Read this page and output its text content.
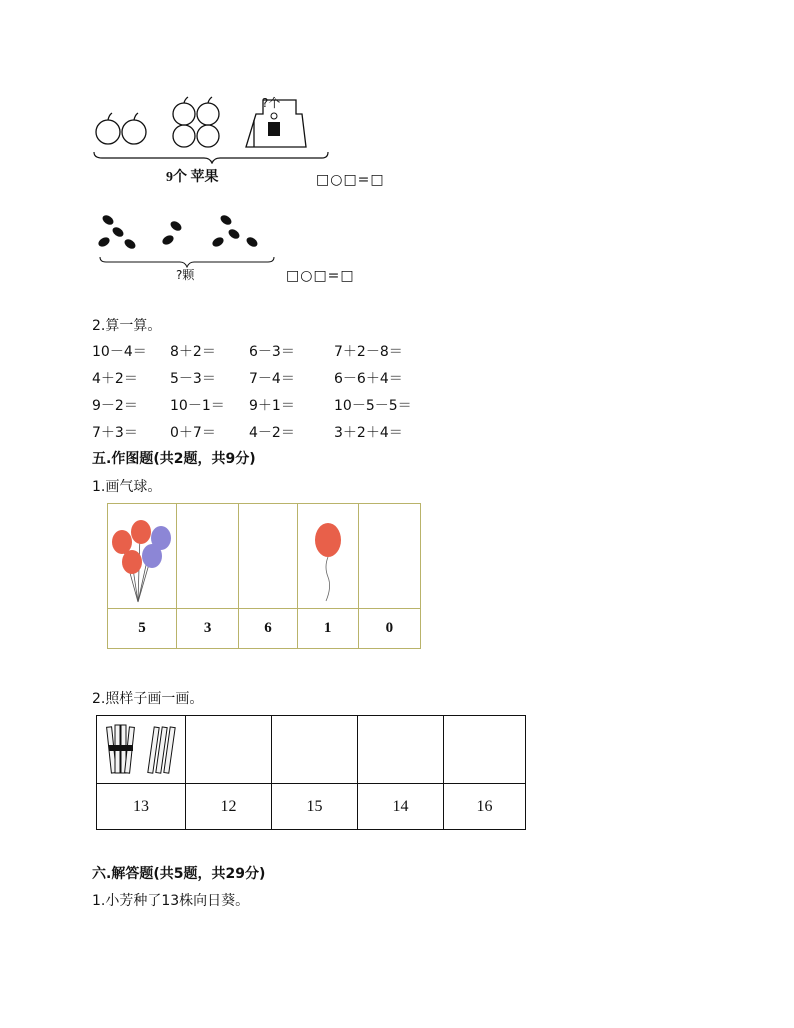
?个
9个 苹果	□○□=□
?颗	□○□=□
2.算一算。
10－4＝ 8＋2＝ 6－3＝	7＋2－8＝
4＋2＝ 5－3＝ 7－4＝	6－6＋4＝
9－2＝ 10－1＝ 9＋1＝	10－5－5＝
7＋3＝ 0＋7＝ 4－2＝	3＋2＋4＝
五.作图题(共2题，共9分)
1.画气球。

5	3	6	1	0
2.照样子画一画。

13	12	15	14	16
六.解答题(共5题，共29分)
1.小芳种了13株向日葵。
